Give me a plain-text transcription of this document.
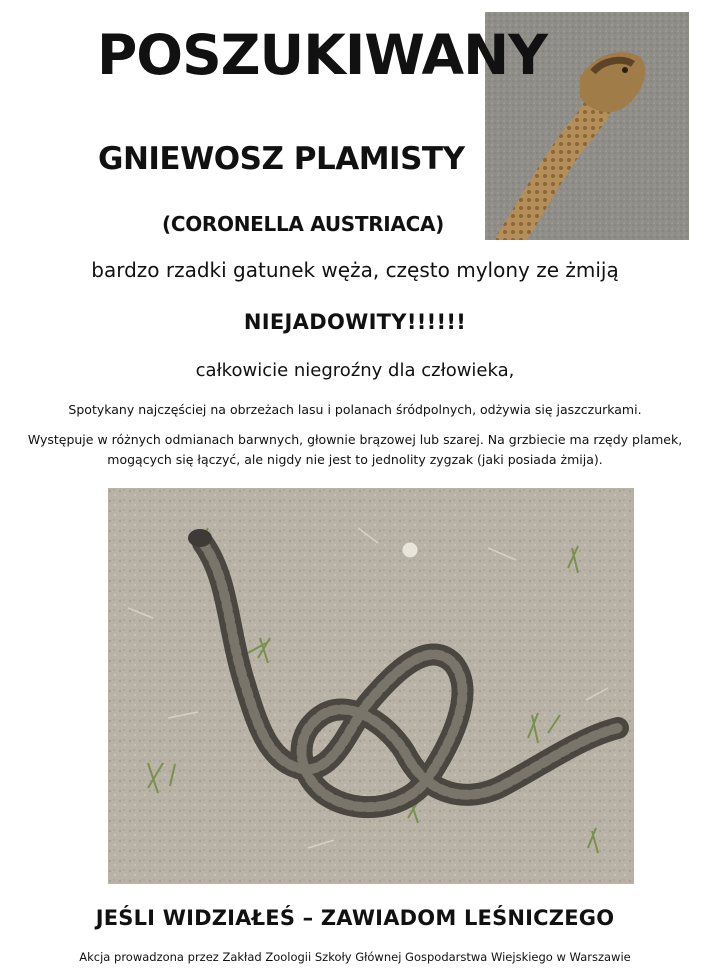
POSZUKIWANY
GNIEWOSZ PLAMISTY
(CORONELLA AUSTRIACA)
bardzo rzadki gatunek węża, często mylony ze żmiją
NIEJADOWITY!!!!!!
całkowicie niegroźny dla człowieka,
Spotykany najczęściej na obrzeżach lasu i polanach śródpolnych, odżywia się jaszczurkami.
Występuje w różnych odmianach barwnych, głownie brązowej lub szarej. Na grzbiecie ma rzędy plamek,
mogących się łączyć, ale nigdy nie jest to jednolity zygzak (jaki posiada żmija).
JEŚLI WIDZIAŁEŚ – ZAWIADOM LEŚNICZEGO
Akcja prowadzona przez Zakład Zoologii Szkoły Głównej Gospodarstwa Wiejskiego w Warszawie
